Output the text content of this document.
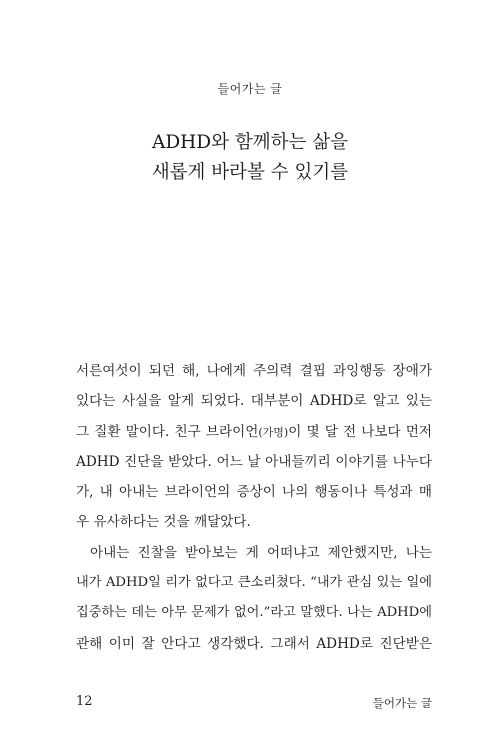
들어가는 글
ADHD와 함께하는 삶을
새롭게 바라볼 수 있기를
서른여섯이 되던 해, 나에게 주의력 결핍 과잉행동 장애가
있다는 사실을 알게 되었다. 대부분이 ADHD로 알고 있는
그 질환 말이다. 친구 브라이언(가명)이 몇 달 전 나보다 먼저
ADHD 진단을 받았다. 어느 날 아내들끼리 이야기를 나누다
가, 내 아내는 브라이언의 증상이 나의 행동이나 특성과 매
우 유사하다는 것을 깨달았다.
아내는 진찰을 받아보는 게 어떠냐고 제안했지만, 나는
내가 ADHD일 리가 없다고 큰소리쳤다. “내가 관심 있는 일에
집중하는 데는 아무 문제가 없어.”라고 말했다. 나는 ADHD에
관해 이미 잘 안다고 생각했다. 그래서 ADHD로 진단받은
12	들어가는 글
